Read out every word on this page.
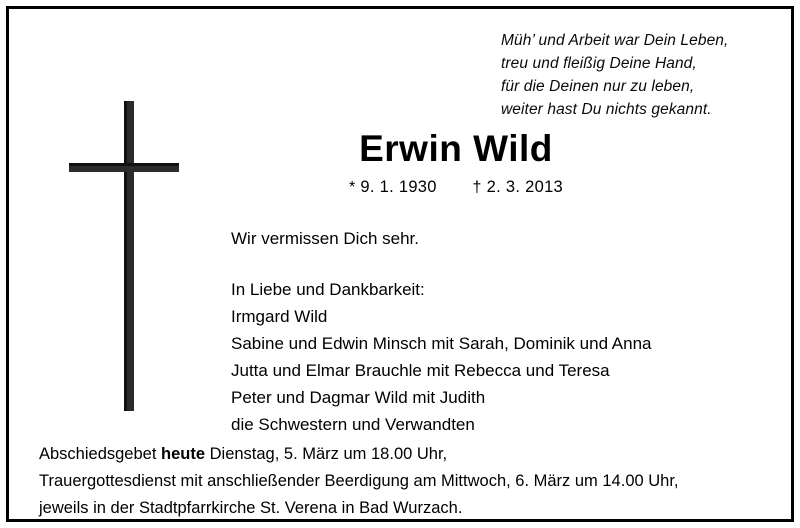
Müh’ und Arbeit war Dein Leben,
treu und fleißig Deine Hand,
für die Deinen nur zu leben,
weiter hast Du nichts gekannt.
Erwin Wild
* 9. 1. 1930 † 2. 3. 2013
Wir vermissen Dich sehr.
In Liebe und Dankbarkeit:
Irmgard Wild
Sabine und Edwin Minsch mit Sarah, Dominik und Anna
Jutta und Elmar Brauchle mit Rebecca und Teresa
Peter und Dagmar Wild mit Judith
die Schwestern und Verwandten
Abschiedsgebet heute Dienstag, 5. März um 18.00 Uhr,
Trauergottesdienst mit anschließender Beerdigung am Mittwoch, 6. März um 14.00 Uhr,
jeweils in der Stadtpfarrkirche St. Verena in Bad Wurzach.
